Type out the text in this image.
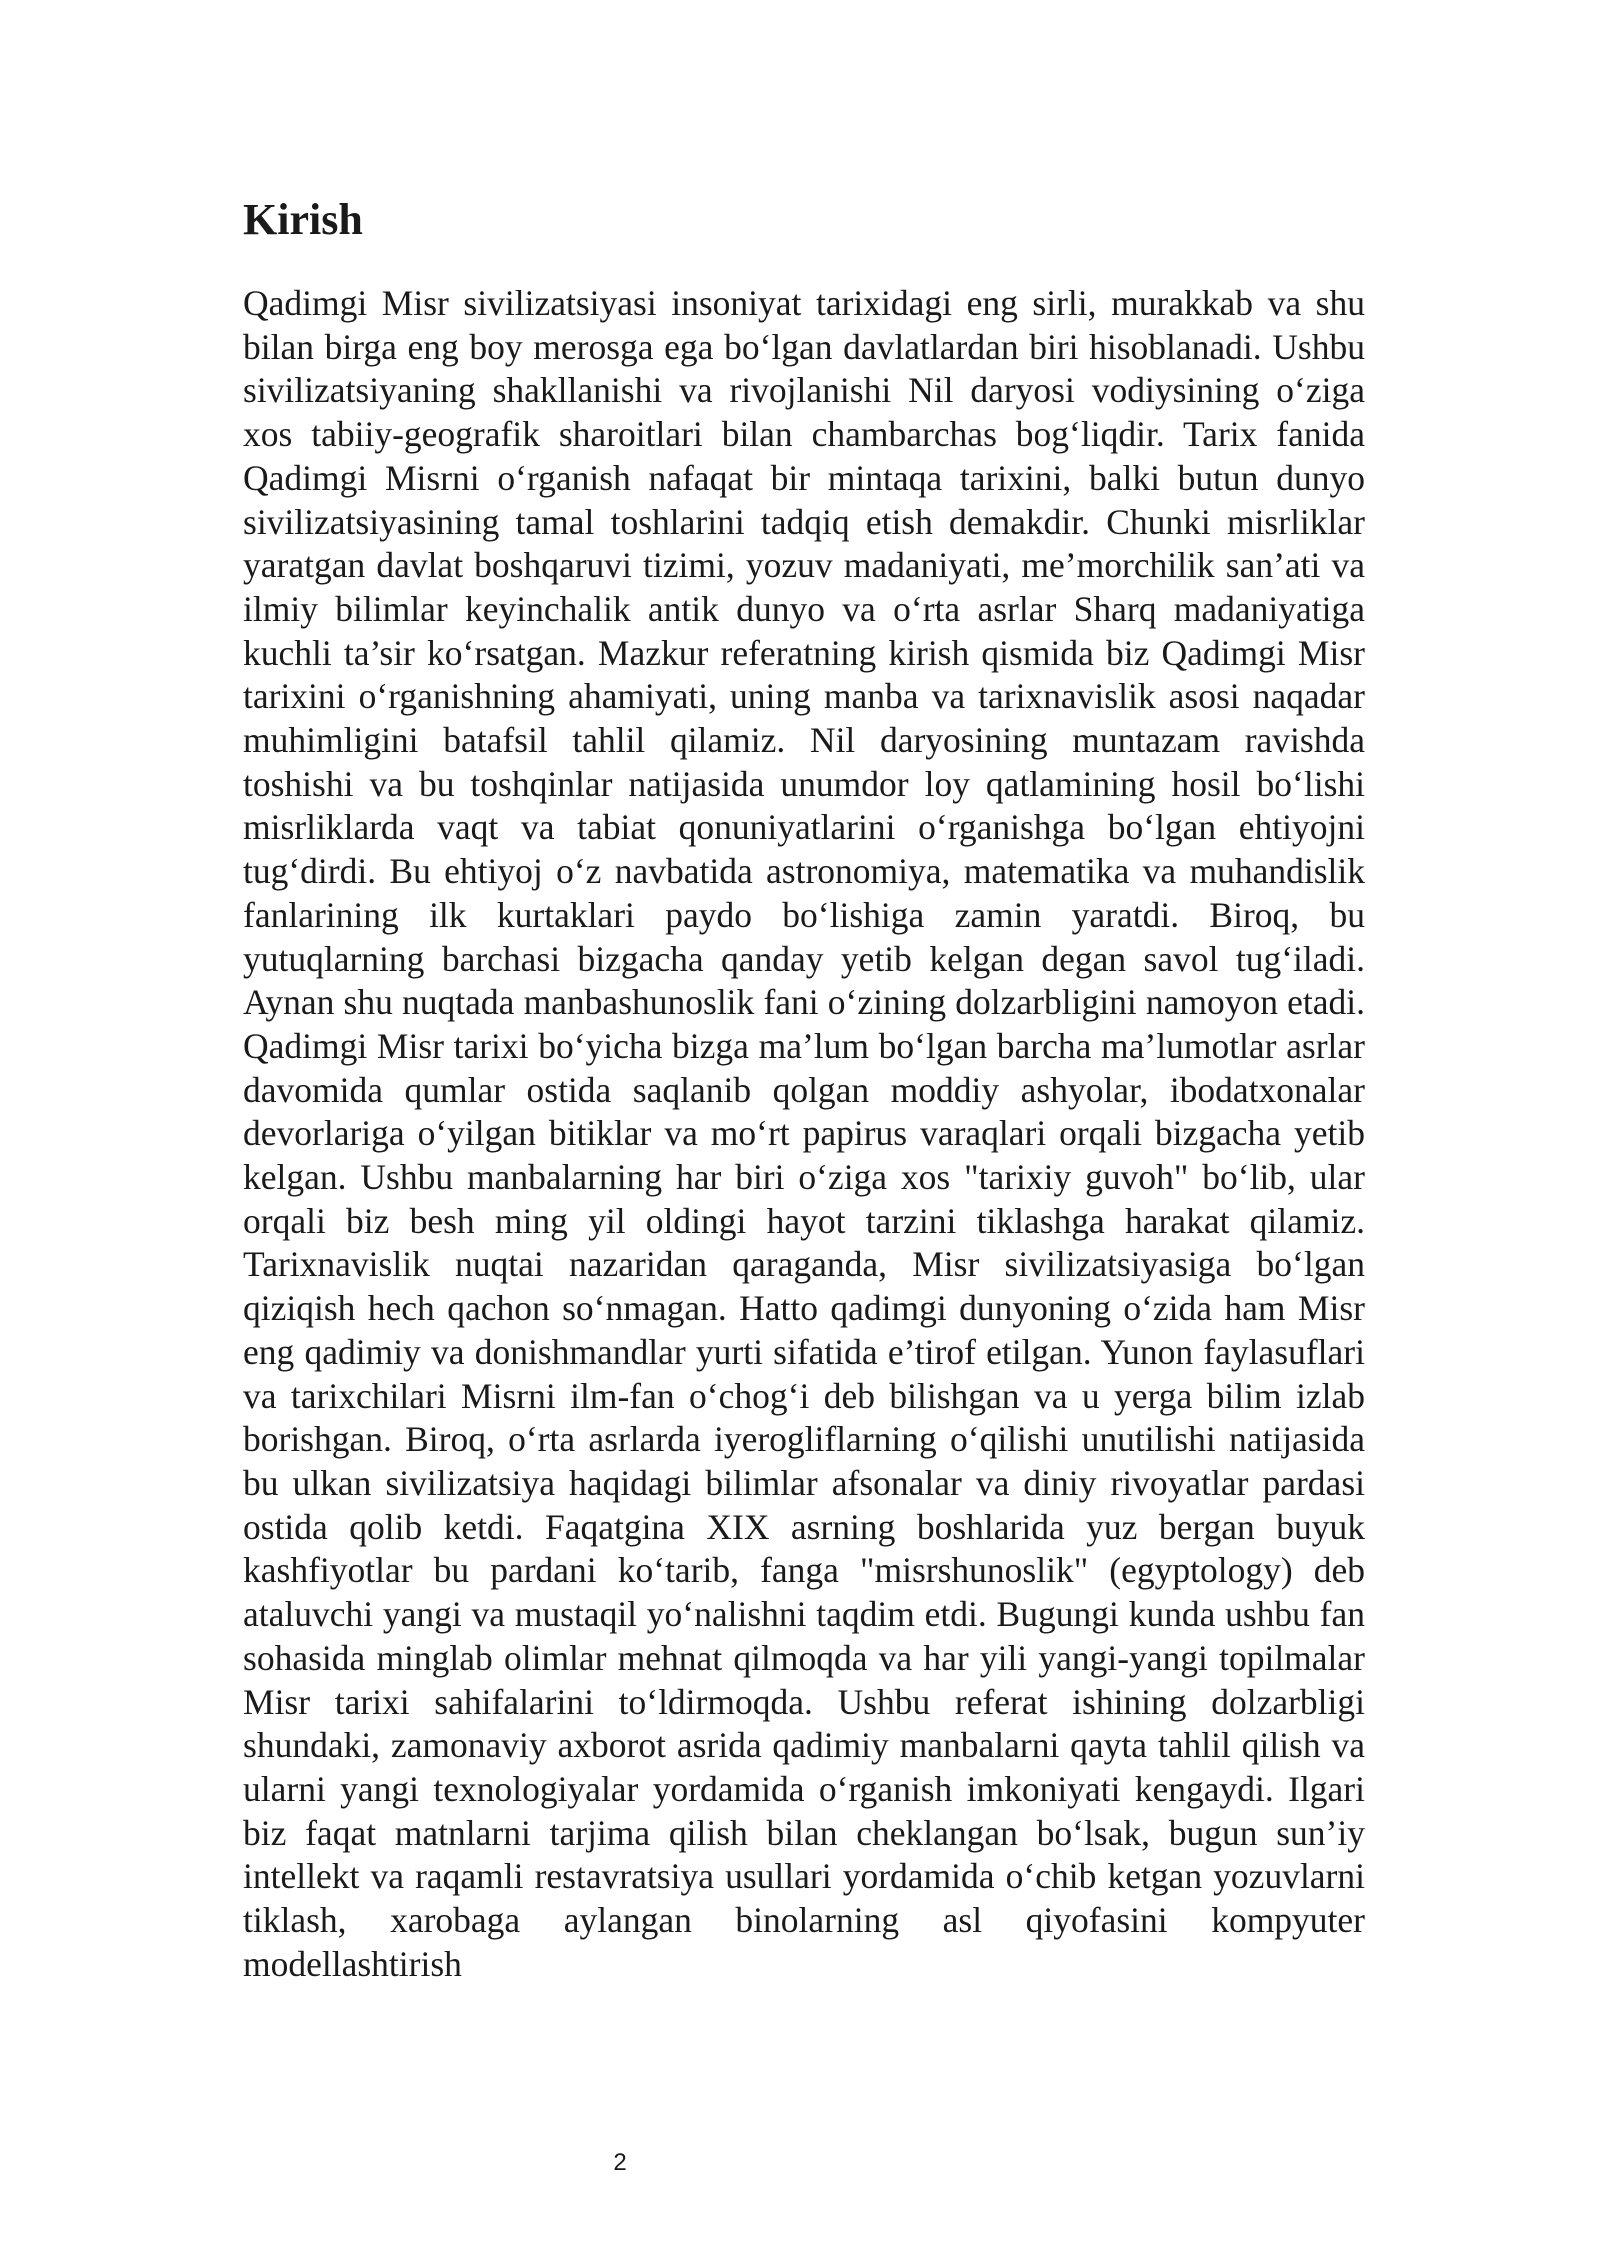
Kirish

Qadimgi Misr sivilizatsiyasi insoniyat tarixidagi eng sirli, murakkab va shu bilan birga eng boy merosga ega bo‘lgan davlatlardan biri hisoblanadi. Ushbu sivilizatsiyaning shakllanishi va rivojlanishi Nil daryosi vodiysining o‘ziga xos tabiiy-geografik sharoitlari bilan chambarchas bog‘liqdir. Tarix fanida Qadimgi Misrni o‘rganish nafaqat bir mintaqa tarixini, balki butun dunyo sivilizatsiyasining tamal toshlarini tadqiq etish demakdir. Chunki misrliklar yaratgan davlat boshqaruvi tizimi, yozuv madaniyati, me’morchilik san’ati va ilmiy bilimlar keyinchalik antik dunyo va o‘rta asrlar Sharq madaniyatiga kuchli ta’sir ko‘rsatgan. Mazkur referatning kirish qismida biz Qadimgi Misr tarixini o‘rganishning ahamiyati, uning manba va tarixnavislik asosi naqadar muhimligini batafsil tahlil qilamiz. Nil daryosining muntazam ravishda toshishi va bu toshqinlar natijasida unumdor loy qatlamining hosil bo‘lishi misrliklarda vaqt va tabiat qonuniyatlarini o‘rganishga bo‘lgan ehtiyojni tug‘dirdi. Bu ehtiyoj o‘z navbatida astronomiya, matematika va muhandislik fanlarining ilk kurtaklari paydo bo‘lishiga zamin yaratdi. Biroq, bu yutuqlarning barchasi bizgacha qanday yetib kelgan degan savol tug‘iladi. Aynan shu nuqtada manbashunoslik fani o‘zining dolzarbligini namoyon etadi. Qadimgi Misr tarixi bo‘yicha bizga ma’lum bo‘lgan barcha ma’lumotlar asrlar davomida qumlar ostida saqlanib qolgan moddiy ashyolar, ibodatxonalar devorlariga o‘yilgan bitiklar va mo‘rt papirus varaqlari orqali bizgacha yetib kelgan. Ushbu manbalarning har biri o‘ziga xos "tarixiy guvoh" bo‘lib, ular orqali biz besh ming yil oldingi hayot tarzini tiklashga harakat qilamiz. Tarixnavislik nuqtai nazaridan qaraganda, Misr sivilizatsiyasiga bo‘lgan qiziqish hech qachon so‘nmagan. Hatto qadimgi dunyoning o‘zida ham Misr eng qadimiy va donishmandlar yurti sifatida e’tirof etilgan. Yunon faylasuflari va tarixchilari Misrni ilm-fan o‘chog‘i deb bilishgan va u yerga bilim izlab borishgan. Biroq, o‘rta asrlarda iyerogliflarning o‘qilishi unutilishi natijasida bu ulkan sivilizatsiya haqidagi bilimlar afsonalar va diniy rivoyatlar pardasi ostida qolib ketdi. Faqatgina XIX asrning boshlarida yuz bergan buyuk kashfiyotlar bu pardani ko‘tarib, fanga "misrshunoslik" (egyptology) deb ataluvchi yangi va mustaqil yo‘nalishni taqdim etdi. Bugungi kunda ushbu fan sohasida minglab olimlar mehnat qilmoqda va har yili yangi-yangi topilmalar Misr tarixi sahifalarini to‘ldirmoqda. Ushbu referat ishining dolzarbligi shundaki, zamonaviy axborot asrida qadimiy manbalarni qayta tahlil qilish va ularni yangi texnologiyalar yordamida o‘rganish imkoniyati kengaydi. Ilgari biz faqat matnlarni tarjima qilish bilan cheklangan bo‘lsak, bugun sun’iy intellekt va raqamli restavratsiya usullari yordamida o‘chib ketgan yozuvlarni tiklash, xarobaga aylangan binolarning asl qiyofasini kompyuter modellashtirish

2
